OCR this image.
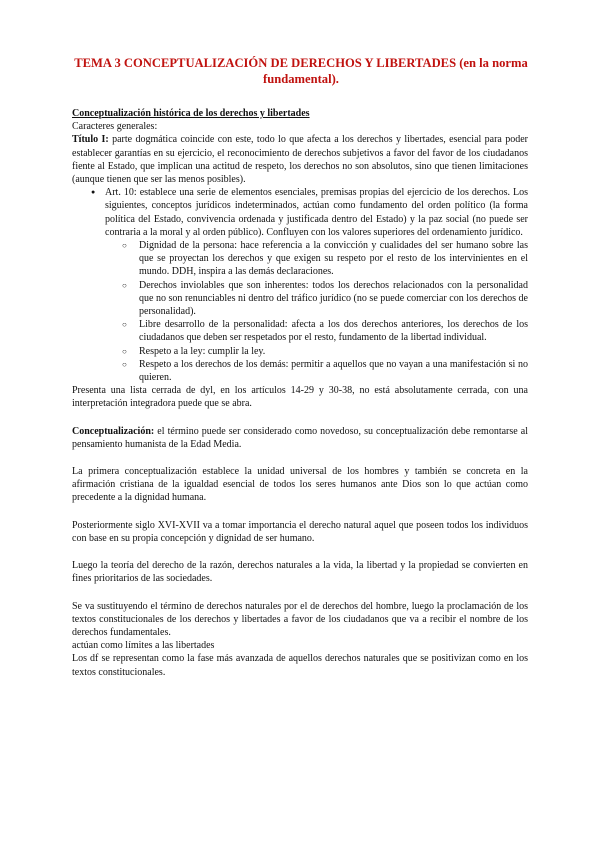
TEMA 3 CONCEPTUALIZACIÓN DE DERECHOS Y LIBERTADES (en la norma fundamental).

Conceptualización histórica de los derechos y libertades

Caracteres generales:

Título I: parte dogmática coincide con este, todo lo que afecta a los derechos y libertades, esencial para poder establecer garantías en su ejercicio, el reconocimiento de derechos subjetivos a favor del favor de los ciudadanos fiente al Estado, que implican una actitud de respeto, los derechos no son absolutos, sino que tienen limitaciones (aunque tienen que ser las menos posibles).

● Art. 10: establece una serie de elementos esenciales, premisas propias del ejercicio de los derechos. Los siguientes, conceptos jurídicos indeterminados, actúan como fundamento del orden político (la forma política del Estado, convivencia ordenada y justificada dentro del Estado) y la paz social (no puede ser contraria a la moral y al orden público). Confluyen con los valores superiores del ordenamiento jurídico.
○ Dignidad de la persona: hace referencia a la convicción y cualidades del ser humano sobre las que se proyectan los derechos y que exigen su respeto por el resto de los intervinientes en el mundo. DDH, inspira a las demás declaraciones.
○ Derechos inviolables que son inherentes: todos los derechos relacionados con la personalidad que no son renunciables ni dentro del tráfico jurídico (no se puede comerciar con los derechos de personalidad).
○ Libre desarrollo de la personalidad: afecta a los dos derechos anteriores, los derechos de los ciudadanos que deben ser respetados por el resto, fundamento de la libertad individual.
○ Respeto a la ley: cumplir la ley.
○ Respeto a los derechos de los demás: permitir a aquellos que no vayan a una manifestación si no quieren.

Presenta una lista cerrada de dyl, en los artículos 14-29 y 30-38, no está absolutamente cerrada, con una interpretación integradora puede que se abra.

Conceptualización: el término puede ser considerado como novedoso, su conceptualización debe remontarse al pensamiento humanista de la Edad Media.

La primera conceptualización establece la unidad universal de los hombres y también se concreta en la afirmación cristiana de la igualdad esencial de todos los seres humanos ante Dios son lo que actúan como precedente a la dignidad humana.

Posteriormente siglo XVI-XVII va a tomar importancia el derecho natural aquel que poseen todos los individuos con base en su propia concepción y dignidad de ser humano.

Luego la teoría del derecho de la razón, derechos naturales a la vida, la libertad y la propiedad se convierten en fines prioritarios de las sociedades.

Se va sustituyendo el término de derechos naturales por el de derechos del hombre, luego la proclamación de los textos constitucionales de los derechos y libertades a favor de los ciudadanos que va a recibir el nombre de los derechos fundamentales.

actúan como límites a las libertades

Los df se representan como la fase más avanzada de aquellos derechos naturales que se positivizan como en los textos constitucionales.
